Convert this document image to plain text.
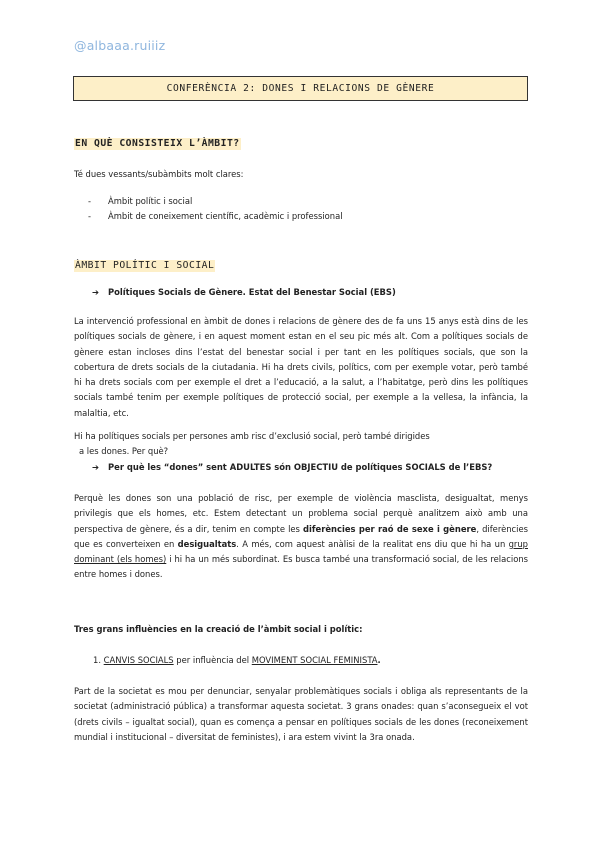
@albaaa.ruiiiz
CONFERÈNCIA 2: DONES I RELACIONS DE GÈNERE
EN QUÈ CONSISTEIX L’ÀMBIT?
Té dues vessants/subàmbits molt clares:
- Àmbit polític i social
- Àmbit de coneixement científic, acadèmic i professional
ÀMBIT POLÍTIC I SOCIAL
➔ Polítiques Socials de Gènere. Estat del Benestar Social (EBS)
La intervenció professional en àmbit de dones i relacions de gènere des de fa uns 15 anys està dins de les polítiques socials de gènere, i en aquest moment estan en el seu pic més alt. Com a polítiques socials de gènere estan incloses dins l’estat del benestar social i per tant en les polítiques socials, que son la cobertura de drets socials de la ciutadania. Hi ha drets civils, polítics, com per exemple votar, però també hi ha drets socials com per exemple el dret a l’educació, a la salut, a l’habitatge, però dins les polítiques socials també tenim per exemple polítiques de protecció social, per exemple a la vellesa, la infància, la malaltia, etc.
Hi ha polítiques socials per persones amb risc d’exclusió social, però també dirigides
a les dones. Per què?
➔ Per què les “dones” sent ADULTES són OBJECTIU de polítiques SOCIALS de l’EBS?
Perquè les dones son una població de risc, per exemple de violència masclista, desigualtat, menys privilegis que els homes, etc. Estem detectant un problema social perquè analitzem això amb una perspectiva de gènere, és a dir, tenim en compte les diferències per raó de sexe i gènere, diferències que es converteixen en desigualtats. A més, com aquest anàlisi de la realitat ens diu que hi ha un grup dominant (els homes) i hi ha un més subordinat. Es busca també una transformació social, de les relacions entre homes i dones.
Tres grans influències en la creació de l’àmbit social i polític:
1. CANVIS SOCIALS per influència del MOVIMENT SOCIAL FEMINISTA.
Part de la societat es mou per denunciar, senyalar problemàtiques socials i obliga als representants de la societat (administració pública) a transformar aquesta societat. 3 grans onades: quan s’aconsegueix el vot (drets civils – igualtat social), quan es comença a pensar en polítiques socials de les dones (reconeixement mundial i institucional – diversitat de feministes), i ara estem vivint la 3ra onada.
